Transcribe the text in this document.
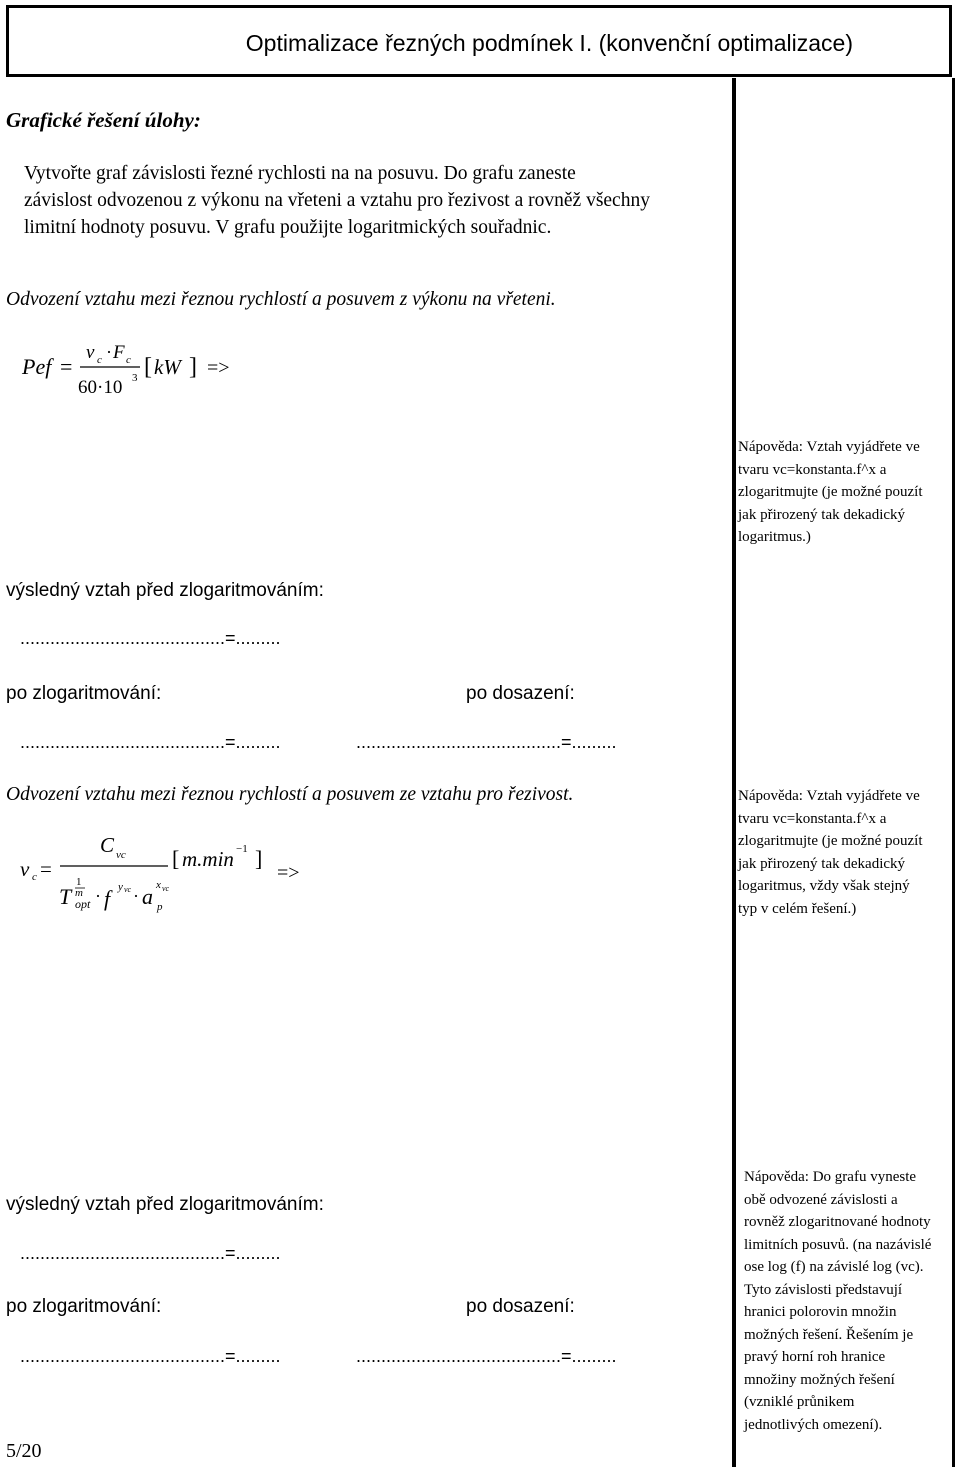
Optimalizace řezných podmínek I. (konvenční optimalizace)
Grafické řešení úlohy:
Vytvořte graf závislosti řezné rychlosti na na posuvu. Do grafu zaneste
závislost odvozenou z výkonu na vřeteni a vztahu pro řezivost a rovněž všechny
limitní hodnoty posuvu. V grafu použijte logaritmických souřadnic.
Odvození vztahu mezi řeznou rychlostí a posuvem z výkonu na vřeteni.
Pef =
v c · F c
60·10 3 [ kW ] =>
Nápověda: Vztah vyjádřete ve
tvaru vc=konstanta.f^x a
zlogaritmujte (je možné pouzít
jak přirozený tak dekadický
logaritmus.)
výsledný vztah před zlogaritmováním:
.........................................=.........
po zlogaritmování:	po dosazení:
.........................................=.........	.........................................=.........
Odvození vztahu mezi řeznou rychlostí a posuvem ze vztahu pro řezivost.
v c =
C vc
T
1
m
opt · f y vc · a p
x vc
[ m.min −1 ]
=>
Nápověda: Vztah vyjádřete ve
tvaru vc=konstanta.f^x a
zlogaritmujte (je možné pouzít
jak přirozený tak dekadický
logaritmus, vždy však stejný
typ v celém řešení.)
Nápověda: Do grafu vyneste
obě odvozené závislosti a
rovněž zlogaritnované hodnoty
limitních posuvů. (na nazávislé
ose log (f) na závislé log (vc).
Tyto závislosti představují
hranici polorovin množin
možných řešení. Řešením je
pravý horní roh hranice
množiny možných řešení
(vzniklé průnikem
jednotlivých omezení).
výsledný vztah před zlogaritmováním:
.........................................=.........
po zlogaritmování:	po dosazení:
.........................................=.........	.........................................=.........
5/20
